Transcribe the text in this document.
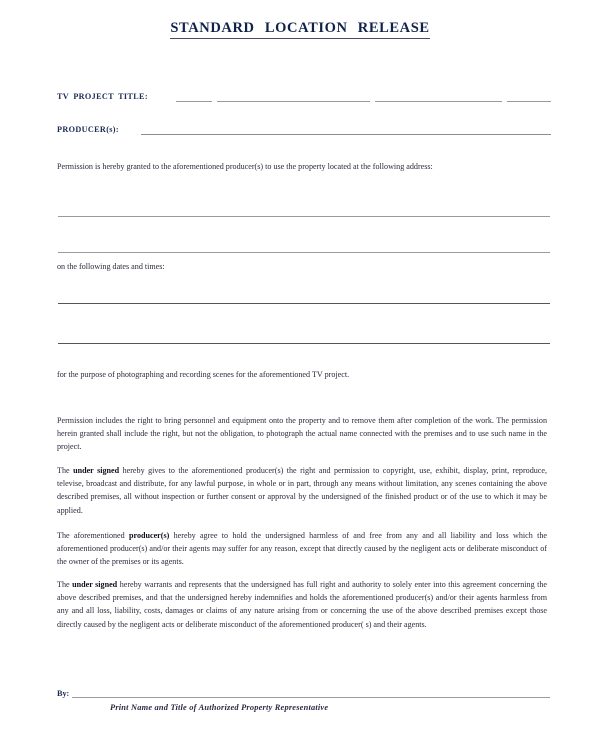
STANDARD LOCATION RELEASE
TV PROJECT TITLE:
PRODUCER(s):
Permission is hereby granted to the aforementioned producer(s) to use the property located at the following address:
on the following dates and times:
for the purpose of photographing and recording scenes for the aforementioned TV project.
Permission includes the right to bring personnel and equipment onto the property and to remove them after completion of the work. The permission herein granted shall include the right, but not the obligation, to photograph the actual name connected with the premises and to use such name in the project.
The under signed hereby gives to the aforementioned producer(s) the right and permission to copyright, use, exhibit, display, print, reproduce, televise, broadcast and distribute, for any lawful purpose, in whole or in part, through any means without limitation, any scenes containing the above described premises, all without inspection or further consent or approval by the undersigned of the finished product or of the use to which it may be applied.
The aforementioned producer(s) hereby agree to hold the undersigned harmless of and free from any and all liability and loss which the aforementioned producer(s) and/or their agents may suffer for any reason, except that directly caused by the negligent acts or deliberate misconduct of the owner of the premises or its agents.
The under signed hereby warrants and represents that the undersigned has full right and authority to solely enter into this agreement concerning the above described premises, and that the undersigned hereby indemnifies and holds the aforementioned producer(s) and/or their agents harmless from any and all loss, liability, costs, damages or claims of any nature arising from or concerning the use of the above described premises except those directly caused by the negligent acts or deliberate misconduct of the aforementioned producer( s) and their agents.
By:
Print Name and Title of Authorized Property Representative
